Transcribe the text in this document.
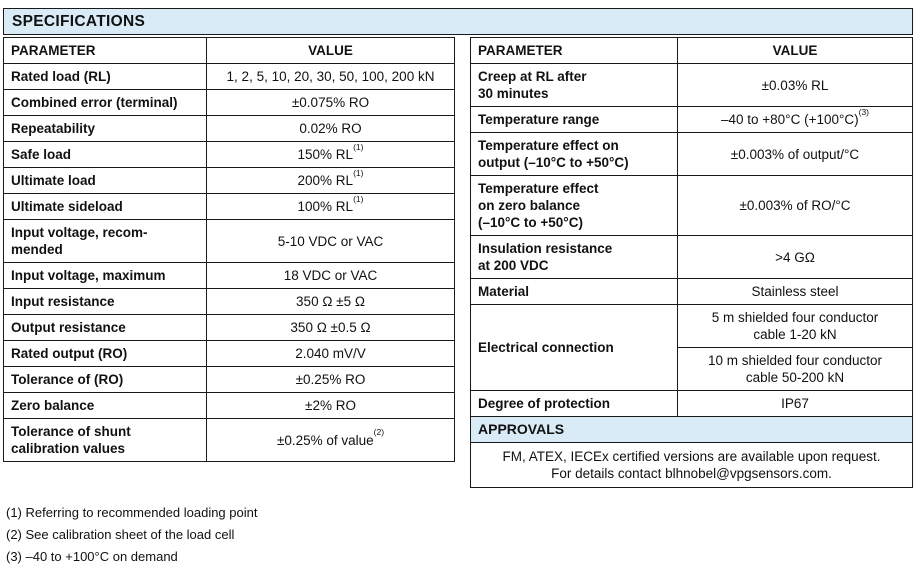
SPECIFICATIONS
PARAMETER	VALUE

Rated load (RL)	1, 2, 5, 10, 20, 30, 50, 100, 200 kN

Combined error (terminal)	±0.075% RO

Repeatability	0.02% RO

Safe load	150% RL$^{(1)}$

Ultimate load	200% RL$^{(1)}$

Ultimate sideload	100% RL$^{(1)}$

Input voltage, recom-
mended	5-10 VDC or VAC

Input voltage, maximum	18 VDC or VAC

Input resistance	350 Ω ±5 Ω

Output resistance	350 Ω ±0.5 Ω

Rated output (RO)	2.040 mV/V

Tolerance of (RO)	±0.25% RO

Zero balance	±2% RO

Tolerance of shunt
calibration values	±0.25% of value$^{(2)}$
PARAMETER	VALUE

Creep at RL after
30 minutes	±0.03% RL

Temperature range	–40 to +80°C (+100°C)$^{(3)}$

Temperature effect on
output (–10°C to +50°C)	±0.003% of output/°C

Temperature effect
on zero balance
(–10°C to +50°C)	±0.003% of RO/°C

Insulation resistance
at 200 VDC	>4 GΩ

Material	Stainless steel

Electrical connection	5 m shielded four conductor
cable 1-20 kN

	10 m shielded four conductor
cable 50-200 kN

Degree of protection	IP67
APPROVALS	

FM, ATEX, IECEx certified versions are available upon request.
For details contact blhnobel@vpgsensors.com.	
(1) Referring to recommended loading point
(2) See calibration sheet of the load cell
(3) –40 to +100°C on demand
